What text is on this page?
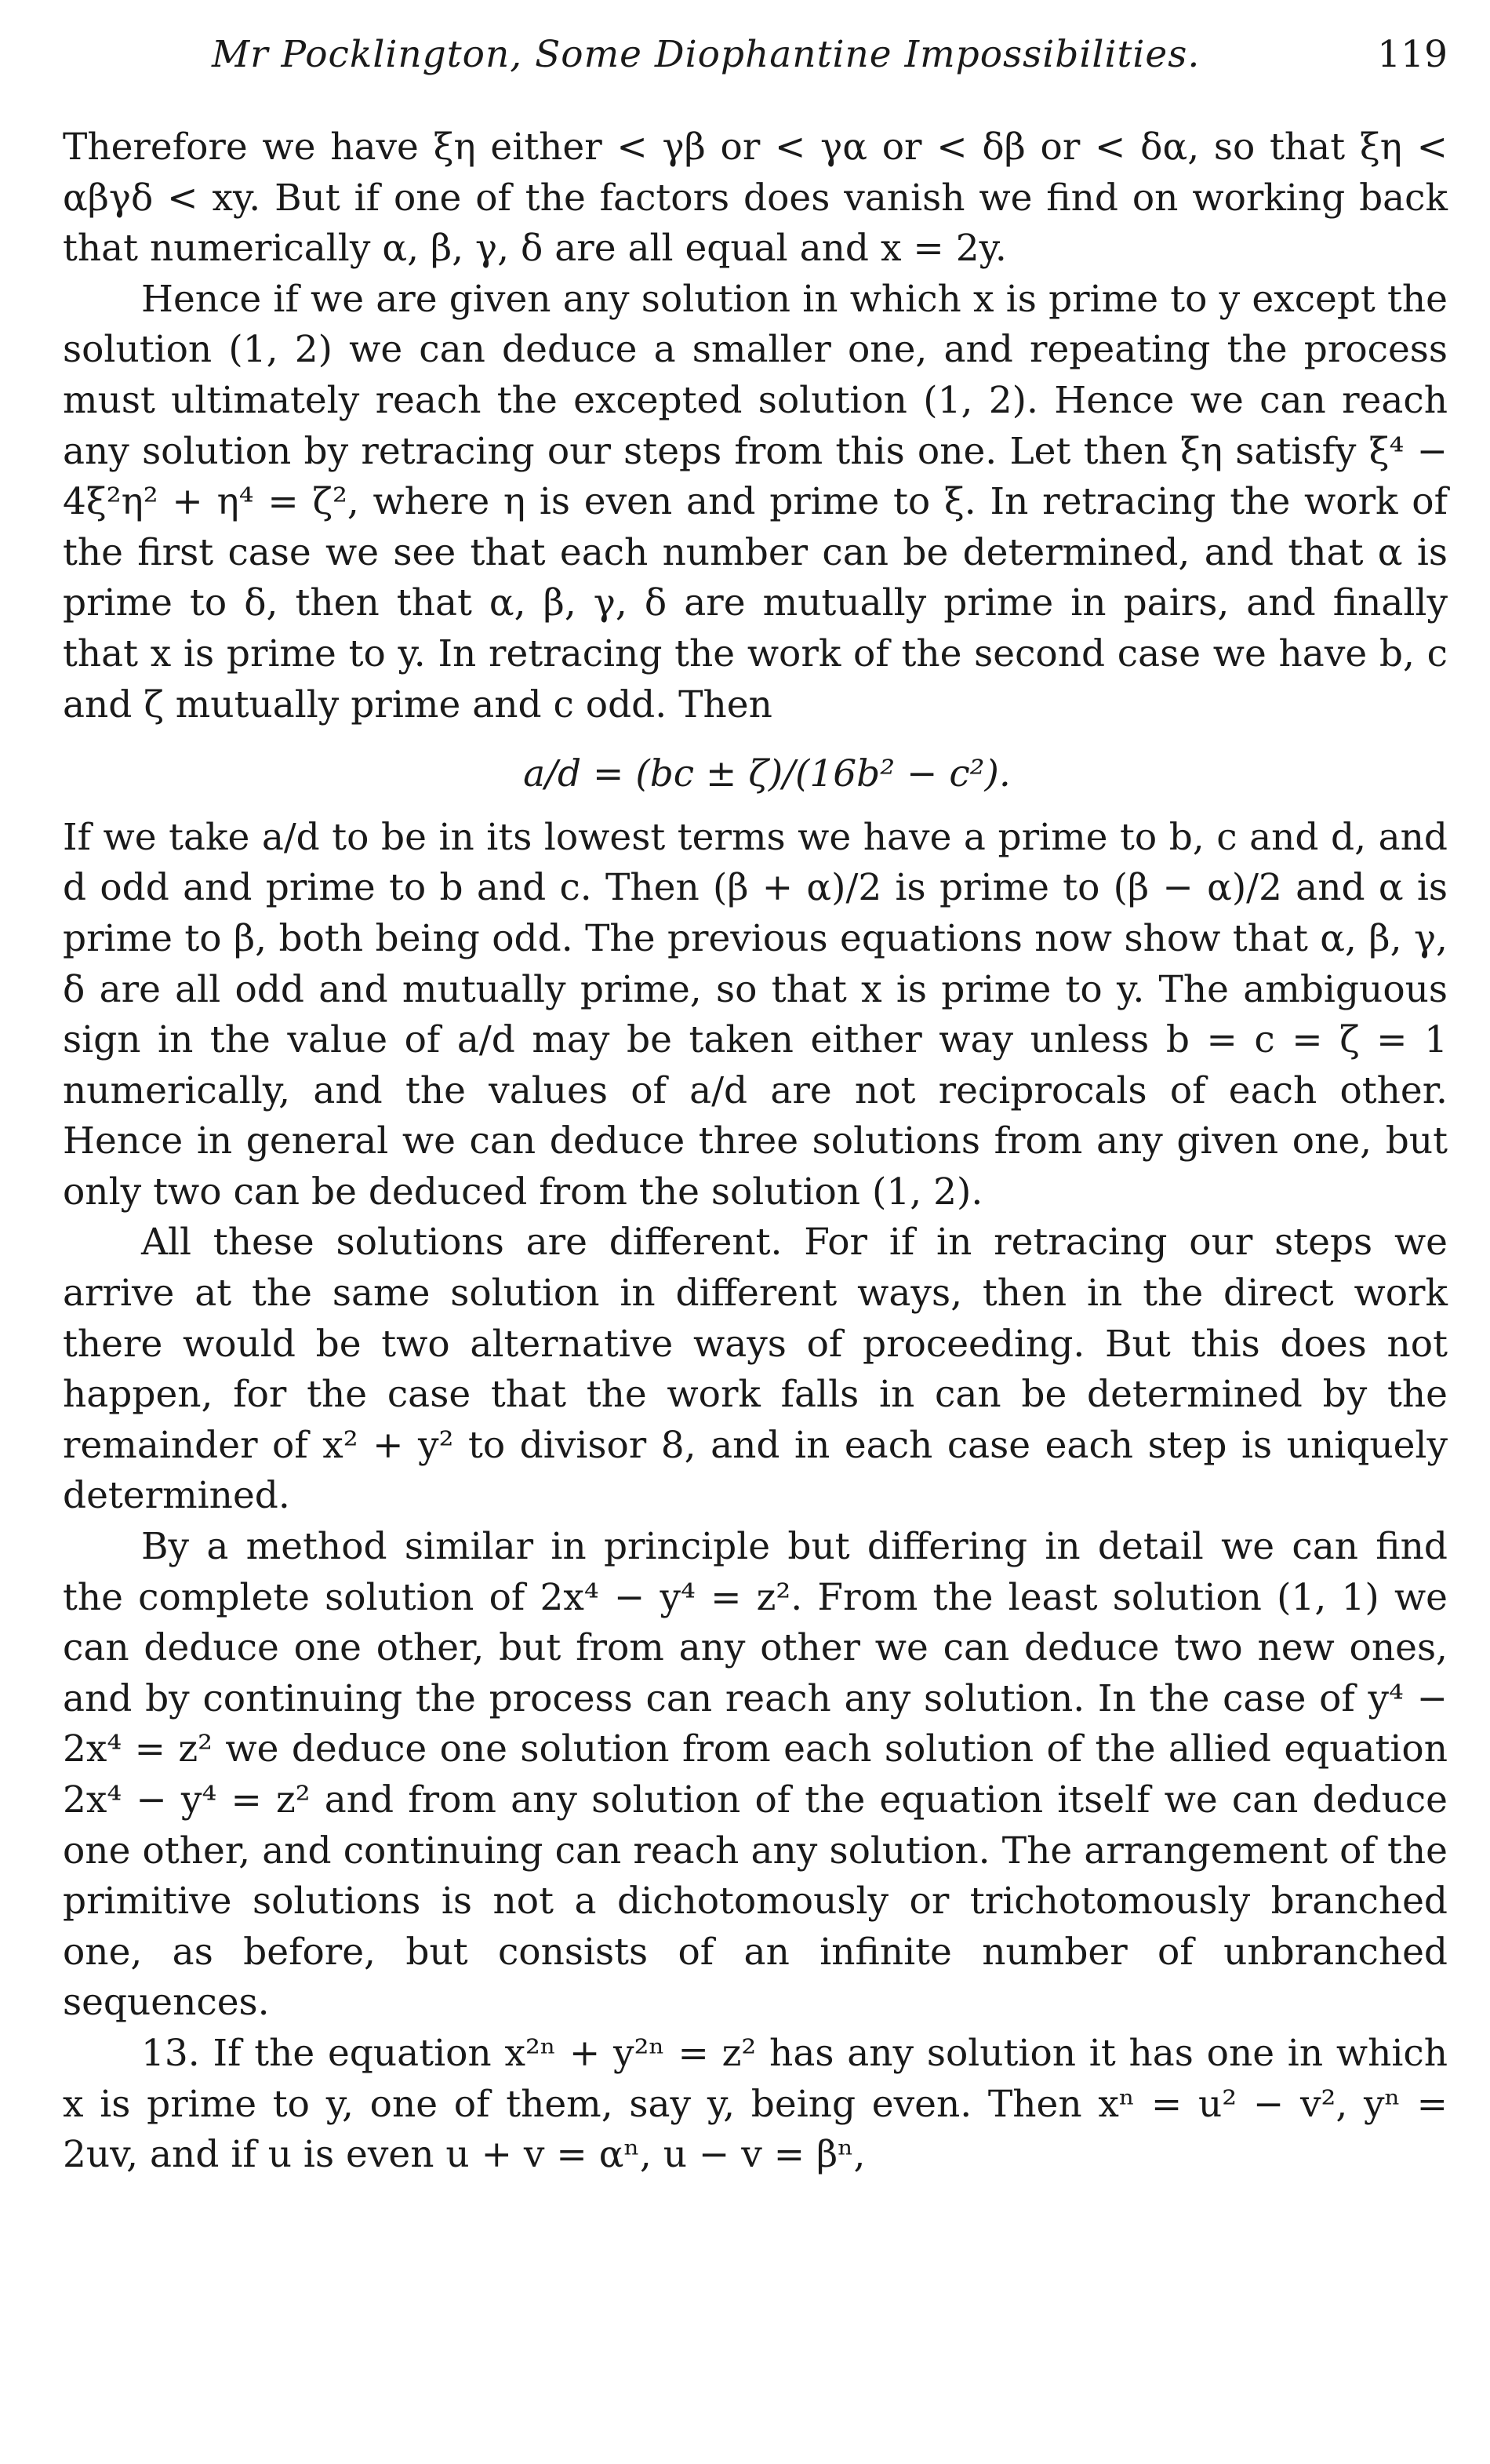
Mr Pocklington, Some Diophantine Impossibilities.	119

Therefore we have ξη either < γβ or < γα or < δβ or < δα, so that ξη < αβγδ < xy. But if one of the factors does vanish we find on working back that numerically α, β, γ, δ are all equal and x = 2y.

Hence if we are given any solution in which x is prime to y except the solution (1, 2) we can deduce a smaller one, and repeating the process must ultimately reach the excepted solution (1, 2). Hence we can reach any solution by retracing our steps from this one. Let then ξη satisfy ξ⁴ − 4ξ²η² + η⁴ = ζ², where η is even and prime to ξ. In retracing the work of the first case we see that each number can be determined, and that α is prime to δ, then that α, β, γ, δ are mutually prime in pairs, and finally that x is prime to y. In retracing the work of the second case we have b, c and ζ mutually prime and c odd. Then

a/d = (bc ± ζ)/(16b² − c²).

If we take a/d to be in its lowest terms we have a prime to b, c and d, and d odd and prime to b and c. Then (β + α)/2 is prime to (β − α)/2 and α is prime to β, both being odd. The previous equations now show that α, β, γ, δ are all odd and mutually prime, so that x is prime to y. The ambiguous sign in the value of a/d may be taken either way unless b = c = ζ = 1 numerically, and the values of a/d are not reciprocals of each other. Hence in general we can deduce three solutions from any given one, but only two can be deduced from the solution (1, 2).

All these solutions are different. For if in retracing our steps we arrive at the same solution in different ways, then in the direct work there would be two alternative ways of proceeding. But this does not happen, for the case that the work falls in can be determined by the remainder of x² + y² to divisor 8, and in each case each step is uniquely determined.

By a method similar in principle but differing in detail we can find the complete solution of 2x⁴ − y⁴ = z². From the least solution (1, 1) we can deduce one other, but from any other we can deduce two new ones, and by continuing the process can reach any solution. In the case of y⁴ − 2x⁴ = z² we deduce one solution from each solution of the allied equation 2x⁴ − y⁴ = z² and from any solution of the equation itself we can deduce one other, and continuing can reach any solution. The arrangement of the primitive solutions is not a dichotomously or trichotomously branched one, as before, but consists of an infinite number of unbranched sequences.

13. If the equation x²ⁿ + y²ⁿ = z² has any solution it has one in which x is prime to y, one of them, say y, being even. Then xⁿ = u² − v², yⁿ = 2uv, and if u is even u + v = αⁿ, u − v = βⁿ,
